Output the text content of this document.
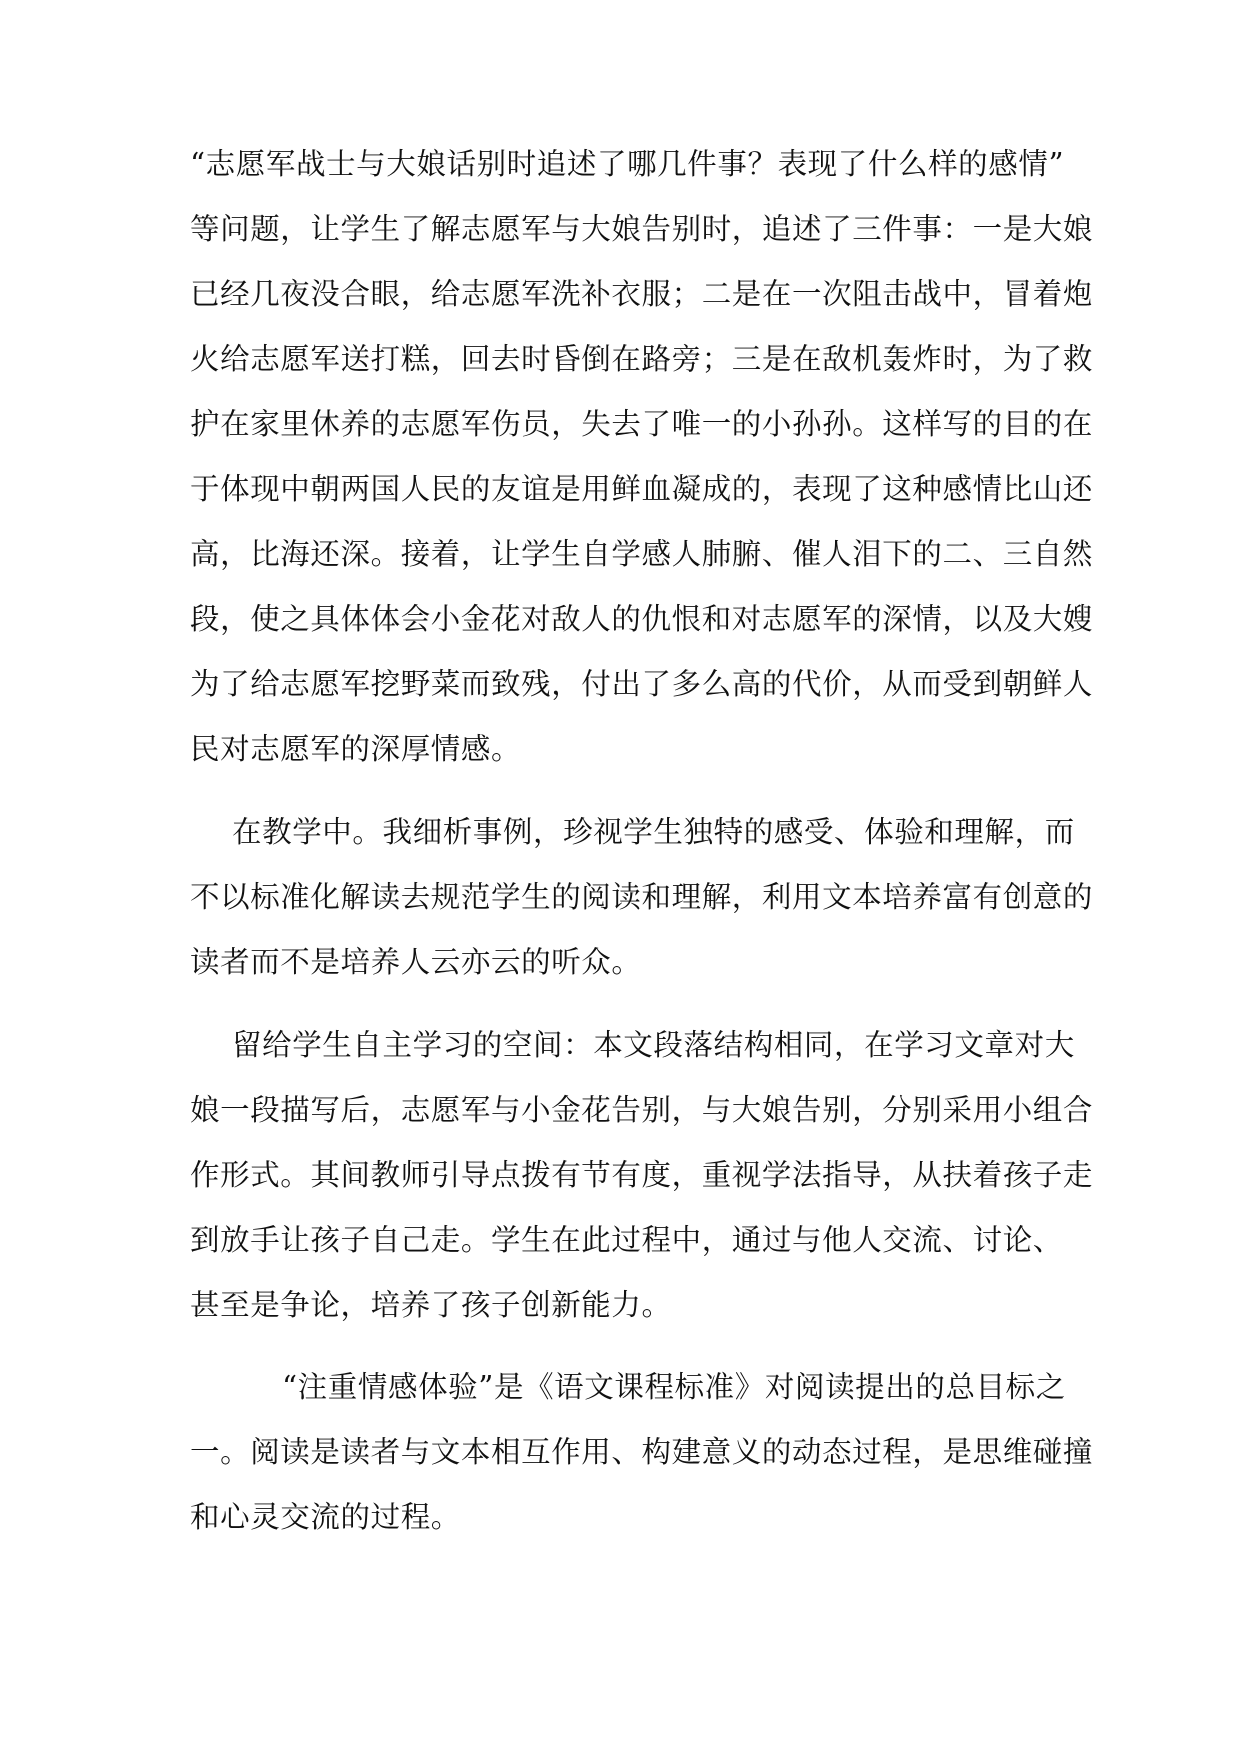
“志愿军战士与大娘话别时追述了哪几件事？表现了什么样的感情”
等问题，让学生了解志愿军与大娘告别时，追述了三件事：一是大娘
已经几夜没合眼，给志愿军洗补衣服；二是在一次阻击战中，冒着炮
火给志愿军送打糕，回去时昏倒在路旁；三是在敌机轰炸时，为了救
护在家里休养的志愿军伤员，失去了唯一的小孙孙。这样写的目的在
于体现中朝两国人民的友谊是用鲜血凝成的，表现了这种感情比山还
高，比海还深。接着，让学生自学感人肺腑、催人泪下的二、三自然
段，使之具体体会小金花对敌人的仇恨和对志愿军的深情，以及大嫂
为了给志愿军挖野菜而致残，付出了多么高的代价，从而受到朝鲜人
民对志愿军的深厚情感。
在教学中。我细析事例，珍视学生独特的感受、体验和理解，而
不以标准化解读去规范学生的阅读和理解，利用文本培养富有创意的
读者而不是培养人云亦云的听众。
留给学生自主学习的空间：本文段落结构相同，在学习文章对大
娘一段描写后，志愿军与小金花告别，与大娘告别，分别采用小组合
作形式。其间教师引导点拨有节有度，重视学法指导，从扶着孩子走
到放手让孩子自己走。学生在此过程中，通过与他人交流、讨论、
甚至是争论，培养了孩子创新能力。
“注重情感体验”是《语文课程标准》对阅读提出的总目标之
一。阅读是读者与文本相互作用、构建意义的动态过程，是思维碰撞
和心灵交流的过程。
